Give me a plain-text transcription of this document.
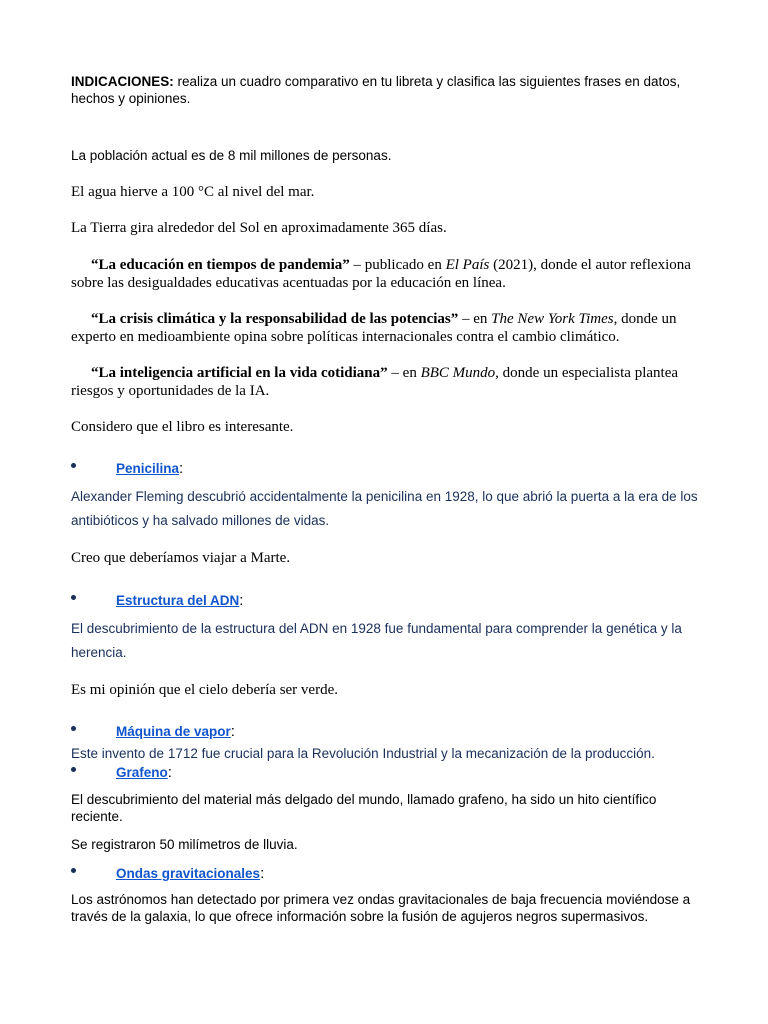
INDICACIONES: realiza un cuadro comparativo en tu libreta y clasifica las siguientes frases en datos, hechos y opiniones.
La población actual es de 8 mil millones de personas.
El agua hierve a 100 °C al nivel del mar.
La Tierra gira alrededor del Sol en aproximadamente 365 días.
“La educación en tiempos de pandemia” – publicado en El País (2021), donde el autor reflexiona sobre las desigualdades educativas acentuadas por la educación en línea.
“La crisis climática y la responsabilidad de las potencias” – en The New York Times, donde un experto en medioambiente opina sobre políticas internacionales contra el cambio climático.
“La inteligencia artificial en la vida cotidiana” – en BBC Mundo, donde un especialista plantea riesgos y oportunidades de la IA.
Considero que el libro es interesante.
Penicilina:
Alexander Fleming descubrió accidentalmente la penicilina en 1928, lo que abrió la puerta a la era de los antibióticos y ha salvado millones de vidas.
Creo que deberíamos viajar a Marte.
Estructura del ADN:
El descubrimiento de la estructura del ADN en 1928 fue fundamental para comprender la genética y la herencia.
Es mi opinión que el cielo debería ser verde.
Máquina de vapor:
Este invento de 1712 fue crucial para la Revolución Industrial y la mecanización de la producción.
Grafeno:
El descubrimiento del material más delgado del mundo, llamado grafeno, ha sido un hito científico reciente.
Se registraron 50 milímetros de lluvia.
Ondas gravitacionales:
Los astrónomos han detectado por primera vez ondas gravitacionales de baja frecuencia moviéndose a través de la galaxia, lo que ofrece información sobre la fusión de agujeros negros supermasivos.
